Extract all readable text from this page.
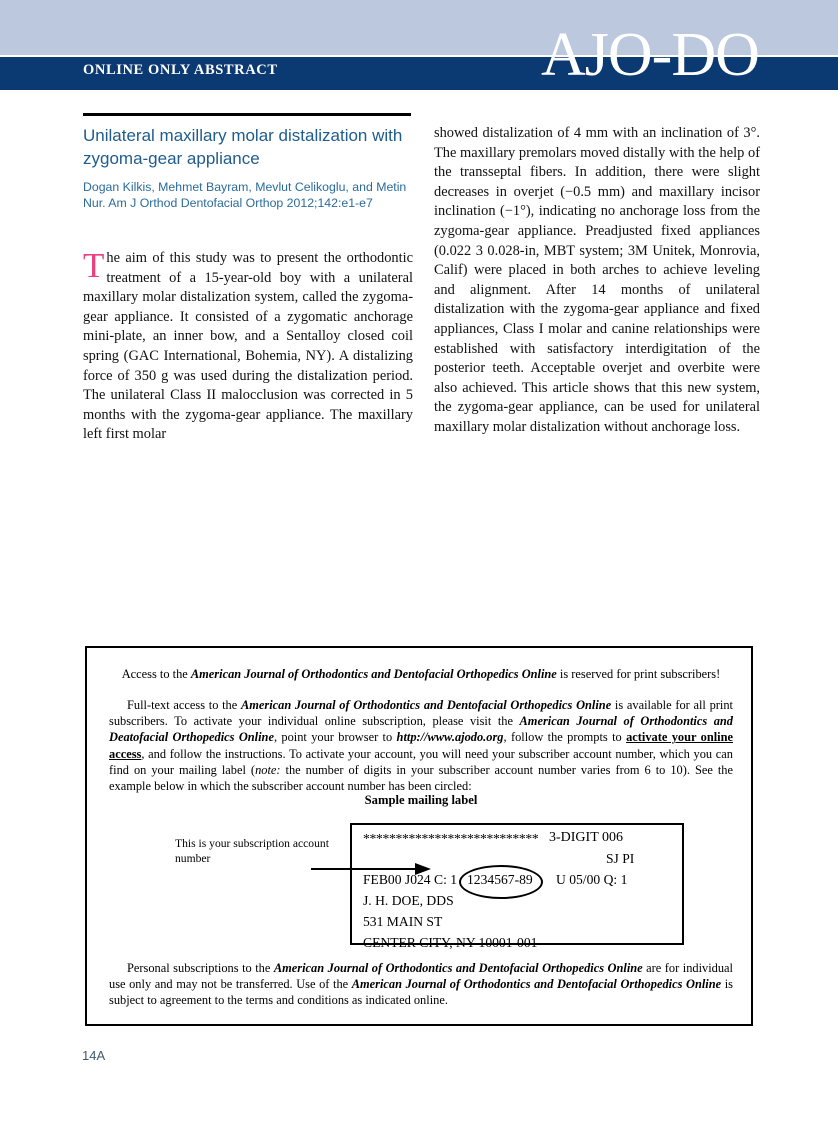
ONLINE ONLY ABSTRACT	AJO-DO
Unilateral maxillary molar distalization with zygoma-gear appliance
Dogan Kilkis, Mehmet Bayram, Mevlut Celikoglu, and Metin Nur. Am J Orthod Dentofacial Orthop 2012;142:e1-e7
The aim of this study was to present the orthodontic treatment of a 15-year-old boy with a unilateral maxillary molar distalization system, called the zygoma-gear appliance. It consisted of a zygomatic anchorage mini-plate, an inner bow, and a Sentalloy closed coil spring (GAC International, Bohemia, NY). A distalizing force of 350 g was used during the distalization period. The unilateral Class II malocclusion was corrected in 5 months with the zygoma-gear appliance. The maxillary left first molar
showed distalization of 4 mm with an inclination of 3°. The maxillary premolars moved distally with the help of the transseptal fibers. In addition, there were slight decreases in overjet (−0.5 mm) and maxillary incisor inclination (−1°), indicating no anchorage loss from the zygoma-gear appliance. Preadjusted fixed appliances (0.022 3 0.028-in, MBT system; 3M Unitek, Monrovia, Calif) were placed in both arches to achieve leveling and alignment. After 14 months of unilateral distalization with the zygoma-gear appliance and fixed appliances, Class I molar and canine relationships were established with satisfactory interdigitation of the posterior teeth. Acceptable overjet and overbite were also achieved. This article shows that this new system, the zygoma-gear appliance, can be used for unilateral maxillary molar distalization without anchorage loss.

Access to the American Journal of Orthodontics and Dentofacial Orthopedics Online is reserved for print subscribers!

Full-text access to the American Journal of Orthodontics and Dentofacial Orthopedics Online is available for all print subscribers. To activate your individual online subscription, please visit the American Journal of Orthodontics and Deatofacial Orthopedics Online, point your browser to http://www.ajodo.org, follow the prompts to activate your online access, and follow the instructions. To activate your account, you will need your subscriber account number, which you can find on your mailing label (note: the number of digits in your subscriber account number varies from 6 to 10). See the example below in which the subscriber account number has been circled:

Sample mailing label
This is your subscription account number
*************************** 3-DIGIT 006
SJ PI
FEB00 J024 C: 1 1234567-89 U 05/00 Q: 1
J. H. DOE, DDS
531 MAIN ST
CENTER CITY, NY 10001-001

Personal subscriptions to the American Journal of Orthodontics and Dentofacial Orthopedics Online are for individual use only and may not be transferred. Use of the American Journal of Orthodontics and Dentofacial Orthopedics Online is subject to agreement to the terms and conditions as indicated online.

14A
